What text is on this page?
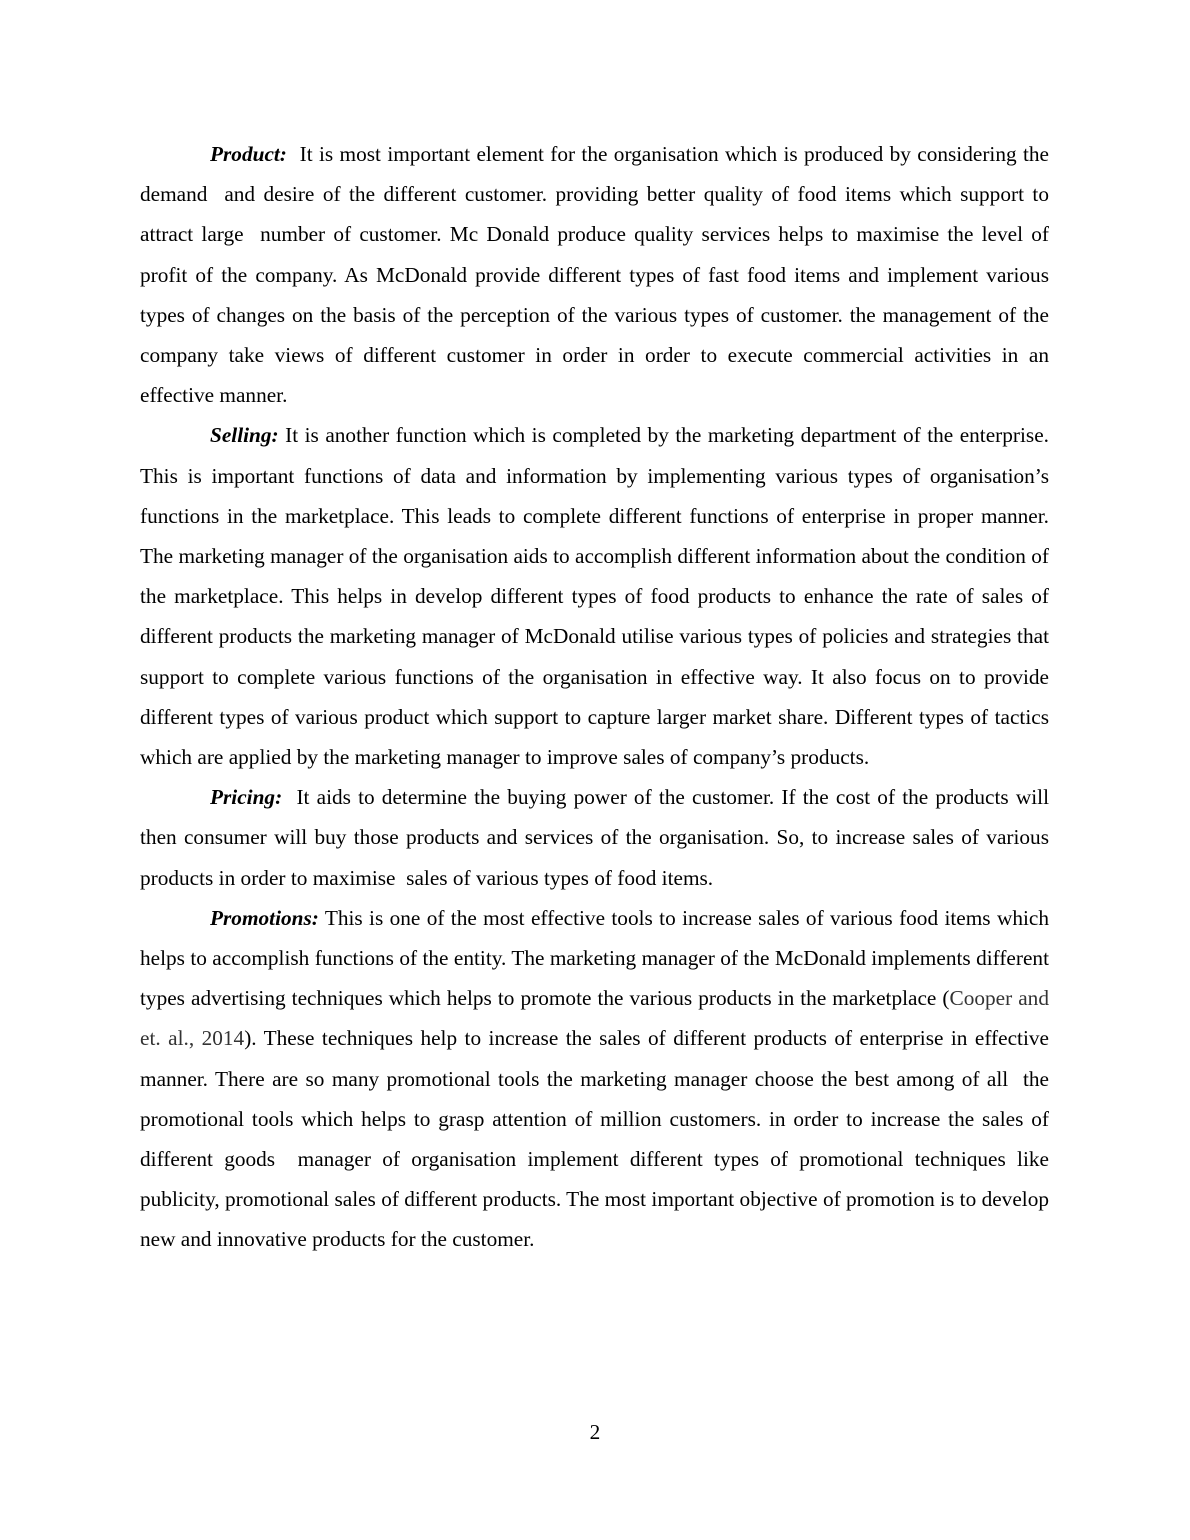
Product:  It is most important element for the organisation which is produced by considering the demand  and desire of the different customer. providing better quality of food items which support to attract large  number of customer. Mc Donald produce quality services helps to maximise the level of profit of the company. As McDonald provide different types of fast food items and implement various types of changes on the basis of the perception of the various types of customer. the management of the company take views of different customer in order in order to execute commercial activities in an effective manner.

Selling: It is another function which is completed by the marketing department of the enterprise. This is important functions of data and information by implementing various types of organisation’s functions in the marketplace. This leads to complete different functions of enterprise in proper manner. The marketing manager of the organisation aids to accomplish different information about the condition of the marketplace. This helps in develop different types of food products to enhance the rate of sales of different products the marketing manager of McDonald utilise various types of policies and strategies that support to complete various functions of the organisation in effective way. It also focus on to provide different types of various product which support to capture larger market share. Different types of tactics which are applied by the marketing manager to improve sales of company’s products.

Pricing:  It aids to determine the buying power of the customer. If the cost of the products will then consumer will buy those products and services of the organisation. So, to increase sales of various products in order to maximise  sales of various types of food items.

Promotions: This is one of the most effective tools to increase sales of various food items which helps to accomplish functions of the entity. The marketing manager of the McDonald implements different types advertising techniques which helps to promote the various products in the marketplace (Cooper and et. al., 2014). These techniques help to increase the sales of different products of enterprise in effective manner. There are so many promotional tools the marketing manager choose the best among of all  the promotional tools which helps to grasp attention of million customers. in order to increase the sales of different goods  manager of organisation implement different types of promotional techniques like publicity, promotional sales of different products. The most important objective of promotion is to develop new and innovative products for the customer.

2
